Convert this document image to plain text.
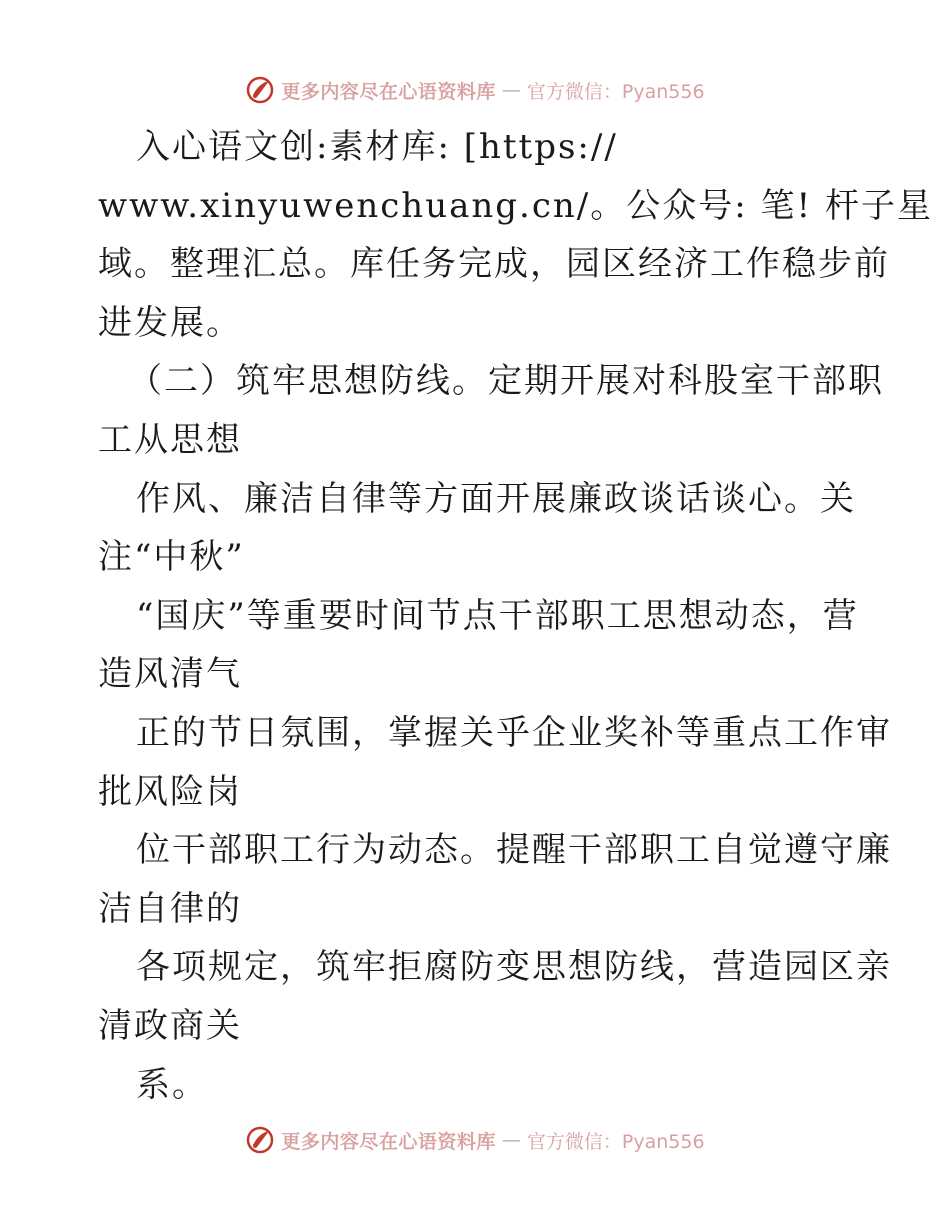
更多内容尽在心语资料库 — 官方微信：Pyan556
入心语文创:素材库: [https://
www.xinyuwenchuang.cn/。公众号: 笔! 杆子星
域。整理汇总。库任务完成，园区经济工作稳步前
进发展。
（二）筑牢思想防线。定期开展对科股室干部职
工从思想
作风、廉洁自律等方面开展廉政谈话谈心。关
注“中秋”
“国庆”等重要时间节点干部职工思想动态，营
造风清气
正的节日氛围，掌握关乎企业奖补等重点工作审
批风险岗
位干部职工行为动态。提醒干部职工自觉遵守廉
洁自律的
各项规定，筑牢拒腐防变思想防线，营造园区亲
清政商关
系。
更多内容尽在心语资料库 — 官方微信：Pyan556
